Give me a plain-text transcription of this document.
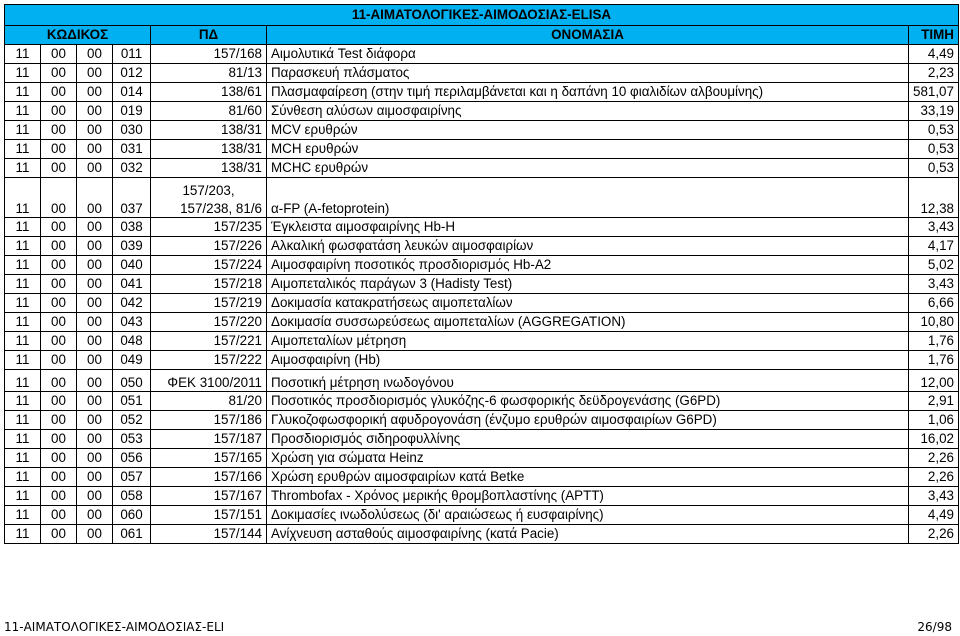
11-ΑΙΜΑΤΟΛΟΓΙΚΕΣ-ΑΙΜΟΔΟΣΙΑΣ-ELISA						
ΚΩΔΙΚΟΣ				ΠΔ	ΟΝΟΜΑΣΙΑ	ΤΙΜΗ
11	00	00	011	157/168	Αιμολυτικά Test διάφορα	4,49
11	00	00	012	81/13	Παρασκευή πλάσματος	2,23
11	00	00	014	138/61	Πλασμαφαίρεση (στην τιμή περιλαμβάνεται και η δαπάνη 10 φιαλιδίων αλβουμίνης)	581,07
11	00	00	019	81/60	Σύνθεση αλύσων αιμοσφαιρίνης	33,19
11	00	00	030	138/31	MCV ερυθρών	0,53
11	00	00	031	138/31	MCH ερυθρών	0,53
11	00	00	032	138/31	MCHC ερυθρών	0,53
11	00	00	037	157/203,
157/238, 81/6	α-FP (A-fetoprotein)	12,38
11	00	00	038	157/235	Έγκλειστα αιμοσφαιρίνης Hb-H	3,43
11	00	00	039	157/226	Αλκαλική φωσφατάση λευκών αιμοσφαιρίων	4,17
11	00	00	040	157/224	Αιμοσφαιρίνη ποσοτικός προσδιορισμός Hb-A2	5,02
11	00	00	041	157/218	Αιμοπεταλικός παράγων 3 (Hadisty Test)	3,43
11	00	00	042	157/219	Δοκιμασία κατακρατήσεως αιμοπεταλίων	6,66
11	00	00	043	157/220	Δοκιμασία συσσωρεύσεως αιμοπεταλίων (AGGREGATION)	10,80
11	00	00	048	157/221	Αιμοπεταλίων μέτρηση	1,76
11	00	00	049	157/222	Αιμοσφαιρίνη (Hb)	1,76
11	00	00	050	ΦΕΚ 3100/2011	Ποσοτική μέτρηση ινωδογόνου	12,00
11	00	00	051	81/20	Ποσοτικός προσδιορισμός γλυκόζης-6 φωσφορικής δεϋδρογενάσης (G6PD)	2,91
11	00	00	052	157/186	Γλυκοζοφωσφορική αφυδρογονάση (ένζυμο ερυθρών αιμοσφαιρίων G6PD)	1,06
11	00	00	053	157/187	Προσδιορισμός σιδηροφυλλίνης	16,02
11	00	00	056	157/165	Χρώση για σώματα Heinz	2,26
11	00	00	057	157/166	Χρώση ερυθρών αιμοσφαιρίων κατά Betke	2,26
11	00	00	058	157/167	Thrombofax - Χρόνος μερικής θρομβοπλαστίνης (APTT)	3,43
11	00	00	060	157/151	Δοκιμασίες ινωδολύσεως (δι' αραιώσεως ή ευσφαιρίνης)	4,49
11	00	00	061	157/144	Ανίχνευση ασταθούς αιμοσφαιρίνης (κατά Pacie)	2,26
11-ΑΙΜΑΤΟΛΟΓΙΚΕΣ-ΑΙΜΟΔΟΣΙΑΣ-ELI	26/98
